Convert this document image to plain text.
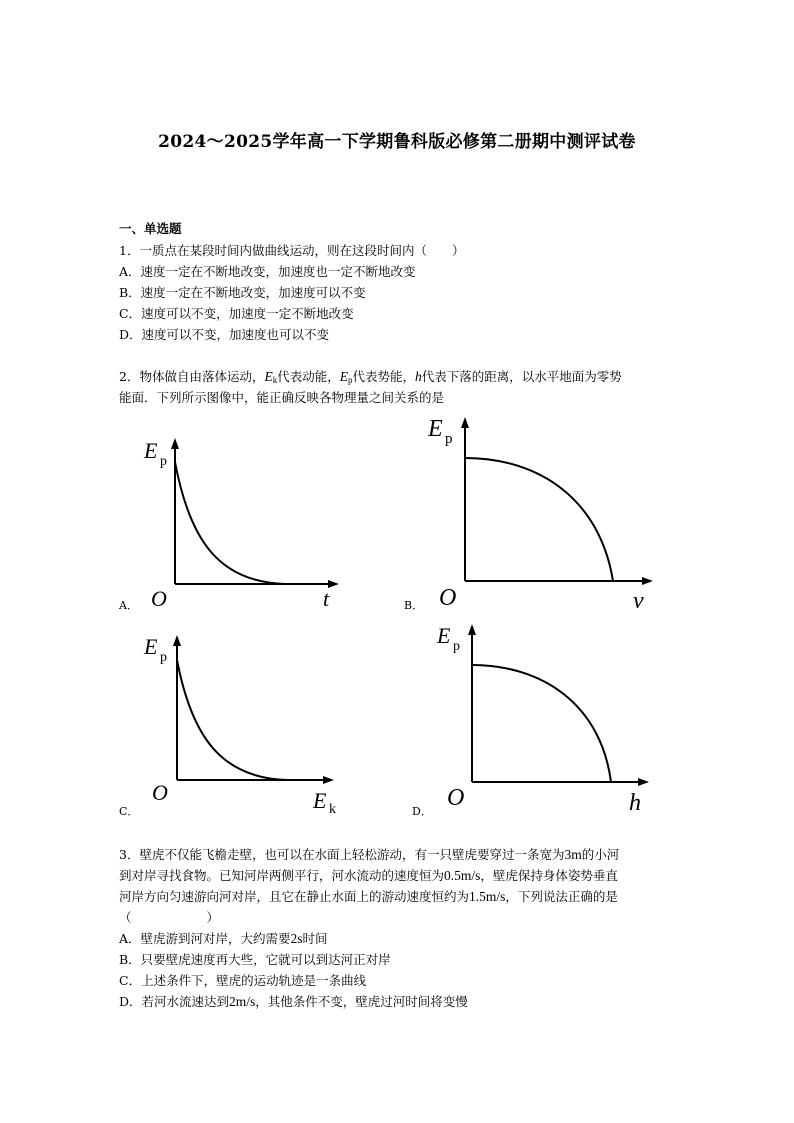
2024～2025学年高一下学期鲁科版必修第二册期中测评试卷
一、单选题
1．一质点在某段时间内做曲线运动，则在这段时间内（　　）
A．速度一定在不断地改变，加速度也一定不断地改变
B．速度一定在不断地改变，加速度可以不变
C．速度可以不变，加速度一定不断地改变
D．速度可以不变，加速度也可以不变
2．物体做自由落体运动，$E_k$代表动能，$E_p$代表势能，h代表下落的距离，以水平地面为零势
能面．下列所示图像中，能正确反映各物理量之间关系的是
E p
O	t
A．
E p
O	v
B．
E p
O	E k
C．
E p
O	h
D．
3．壁虎不仅能飞檐走壁，也可以在水面上轻松游动，有一只壁虎要穿过一条宽为3m的小河
到对岸寻找食物。已知河岸两侧平行，河水流动的速度恒为0.5m/s，壁虎保持身体姿势垂直
河岸方向匀速游向河对岸，且它在静止水面上的游动速度恒约为1.5m/s，下列说法正确的是
（　　　　　　）
A．壁虎游到河对岸，大约需要2s时间
B．只要壁虎速度再大些，它就可以到达河正对岸
C．上述条件下，壁虎的运动轨迹是一条曲线
D．若河水流速达到2m/s，其他条件不变，壁虎过河时间将变慢
